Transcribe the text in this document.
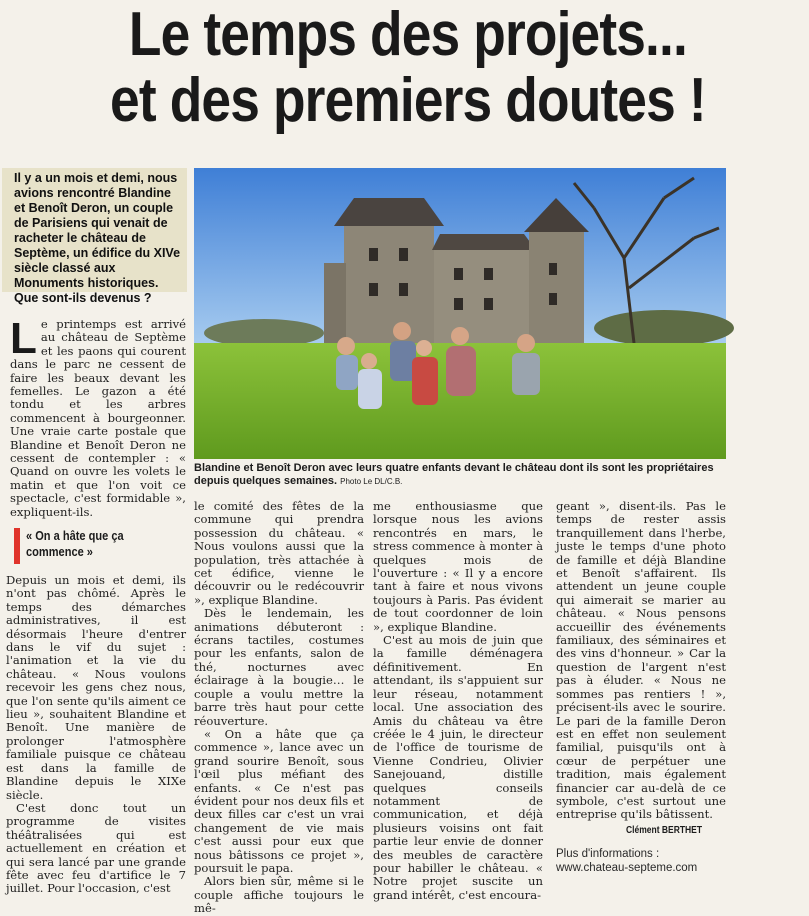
Le temps des projets...
et des premiers doutes !
Il y a un mois et demi, nous avions rencontré Blandine et Benoît Deron, un couple de Parisiens qui venait de racheter le château de Septème, un édifice du XIVe siècle classé aux Monuments historiques. Que sont-ils devenus ?
Blandine et Benoît Deron avec leurs quatre enfants devant le château dont ils sont les propriétaires depuis quelques semaines. Photo Le DL/C.B.
L e printemps est arrivé au château de Septème et les paons qui courent dans le parc ne cessent de faire les beaux devant les femelles. Le gazon a été tondu et les arbres commencent à bourgeonner. Une vraie carte postale que Blandine et Benoît Deron ne cessent de contempler : « Quand on ouvre les volets le matin et que l'on voit ce spectacle, c'est formidable », expliquent-ils.

« On a hâte que ça commence »

Depuis un mois et demi, ils n'ont pas chômé. Après le temps des démarches administratives, il est désormais l'heure d'entrer dans le vif du sujet : l'animation et la vie du château. « Nous voulons recevoir les gens chez nous, que l'on sente qu'ils aiment ce lieu », souhaitent Blandine et Benoît. Une manière de prolonger l'atmosphère familiale puisque ce château est dans la famille de Blandine depuis le XIXe siècle.

C'est donc tout un programme de visites théâtralisées qui est actuellement en création et qui sera lancé par une grande fête avec feu d'artifice le 7 juillet. Pour l'occasion, c'est

le comité des fêtes de la commune qui prendra possession du château. « Nous voulons aussi que la population, très attachée à cet édifice, vienne le découvrir ou le redécouvrir », explique Blandine.

Dès le lendemain, les animations débuteront : écrans tactiles, costumes pour les enfants, salon de thé, nocturnes avec éclairage à la bougie… le couple a voulu mettre la barre très haut pour cette réouverture.

« On a hâte que ça commence », lance avec un grand sourire Benoît, sous l'œil plus méfiant des enfants. « Ce n'est pas évident pour nos deux fils et deux filles car c'est un vrai changement de vie mais c'est aussi pour eux que nous bâtissons ce projet », poursuit le papa.

Alors bien sûr, même si le couple affiche toujours le mê-

me enthousiasme que lorsque nous les avions rencontrés en mars, le stress commence à monter à quelques mois de l'ouverture : « Il y a encore tant à faire et nous vivons toujours à Paris. Pas évident de tout coordonner de loin », explique Blandine.

C'est au mois de juin que la famille déménagera définitivement. En attendant, ils s'appuient sur leur réseau, notamment local. Une association des Amis du château va être créée le 4 juin, le directeur de l'office de tourisme de Vienne Condrieu, Olivier Sanejouand, distille quelques conseils notamment de communication, et déjà plusieurs voisins ont fait partie leur envie de donner des meubles de caractère pour habiller le château. « Notre projet suscite un grand intérêt, c'est encoura-

geant », disent-ils. Pas le temps de rester assis tranquillement dans l'herbe, juste le temps d'une photo de famille et déjà Blandine et Benoît s'affairent. Ils attendent un jeune couple qui aimerait se marier au château. « Nous pensons accueillir des événements familiaux, des séminaires et des vins d'honneur. » Car la question de l'argent n'est pas à éluder. « Nous ne sommes pas rentiers ! », précisent-ils avec le sourire. Le pari de la famille Deron est en effet non seulement familial, puisqu'ils ont à cœur de perpétuer une tradition, mais également financier car au-delà de ce symbole, c'est surtout une entreprise qu'ils bâtissent.

Clément BERTHET
Plus d'informations :
www.chateau-septeme.com
